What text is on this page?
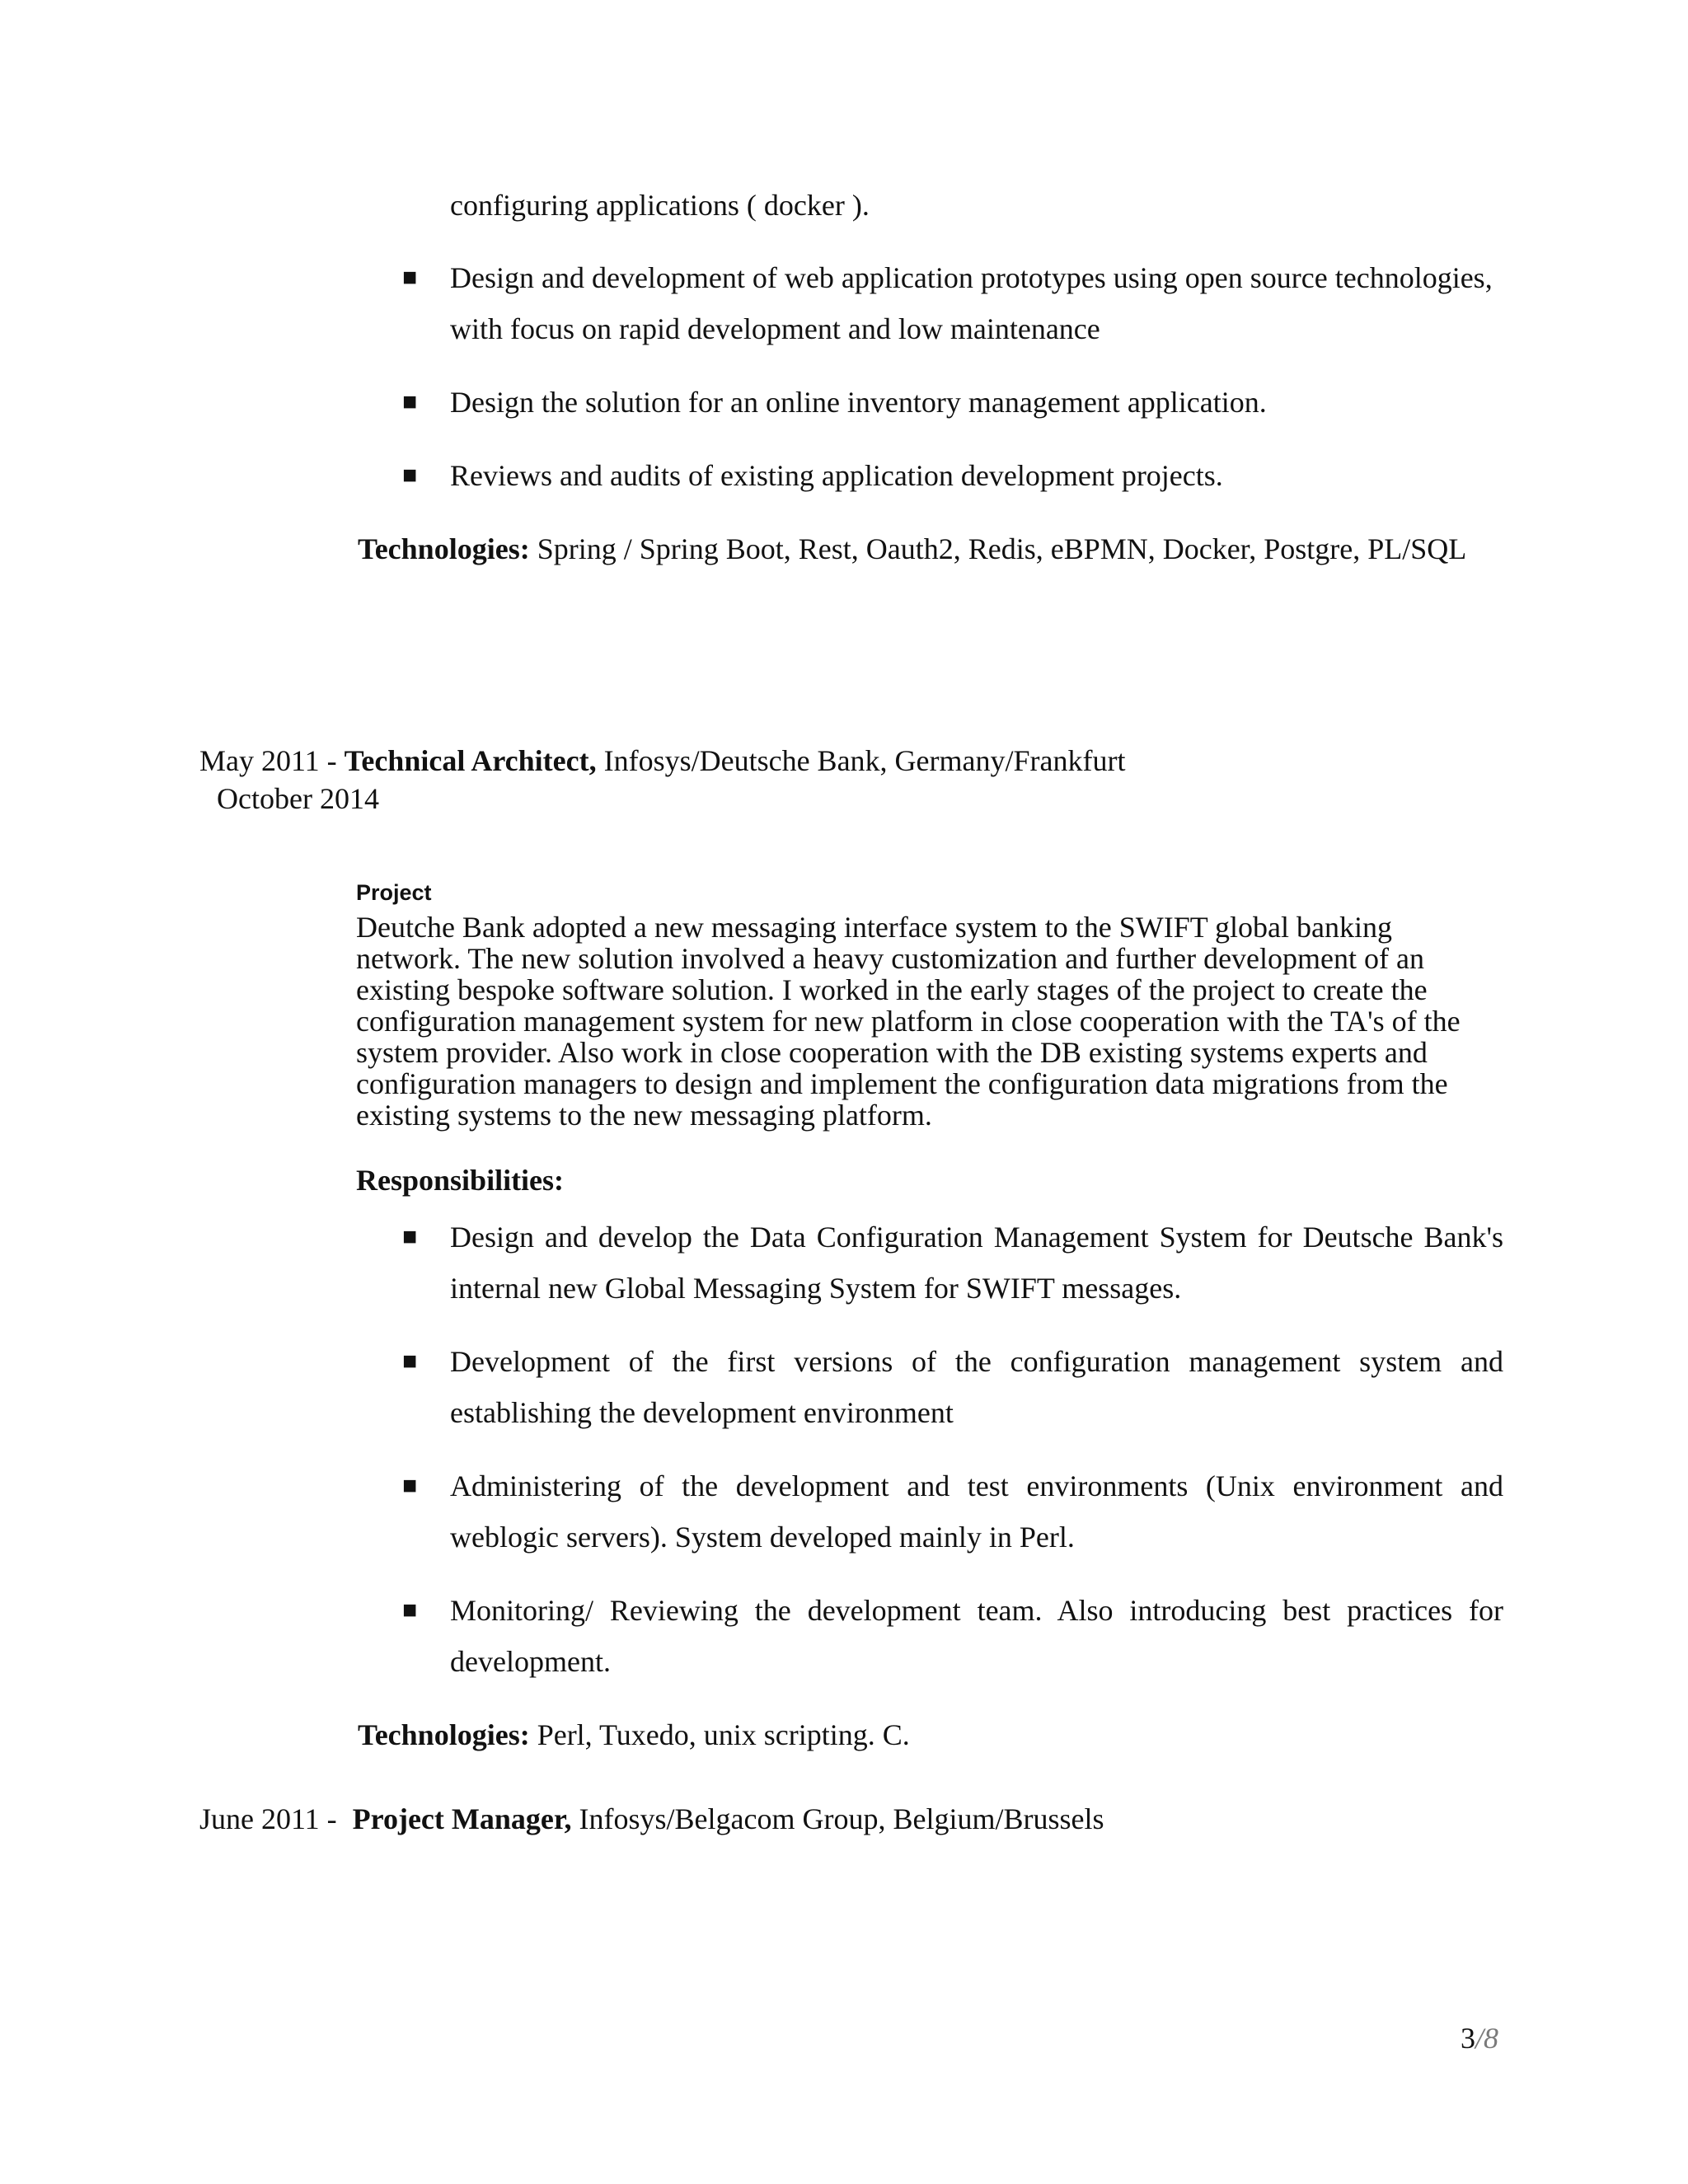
configuring applications ( docker ).
■ Design and development of web application prototypes using open source technologies,
with focus on rapid development and low maintenance
■ Design the solution for an online inventory management application.
■ Reviews and audits of existing application development projects.
Technologies: Spring / Spring Boot, Rest, Oauth2, Redis, eBPMN, Docker, Postgre, PL/SQL
May 2011 - Technical Architect, Infosys/Deutsche Bank, Germany/Frankfurt
October 2014
Project
Deutche Bank adopted a new messaging interface system to the SWIFT global banking network. The new solution involved a heavy customization and further development of an existing bespoke software solution. I worked in the early stages of the project to create the configuration management system for new platform in close cooperation with the TA's of the system provider. Also work in close cooperation with the DB existing systems experts and configuration managers to design and implement the configuration data migrations from the existing systems to the new messaging platform.
Responsibilities:
■ Design and develop the Data Configuration Management System for Deutsche Bank's
internal new Global Messaging System for SWIFT messages.
■ Development of the first versions of the configuration management system and
establishing the development environment
■ Administering of the development and test environments (Unix environment and
weblogic servers). System developed mainly in Perl.
■ Monitoring/ Reviewing the development team. Also introducing best practices for
development.
Technologies: Perl, Tuxedo, unix scripting. C.
June 2011 - Project Manager, Infosys/Belgacom Group, Belgium/Brussels
3/8
